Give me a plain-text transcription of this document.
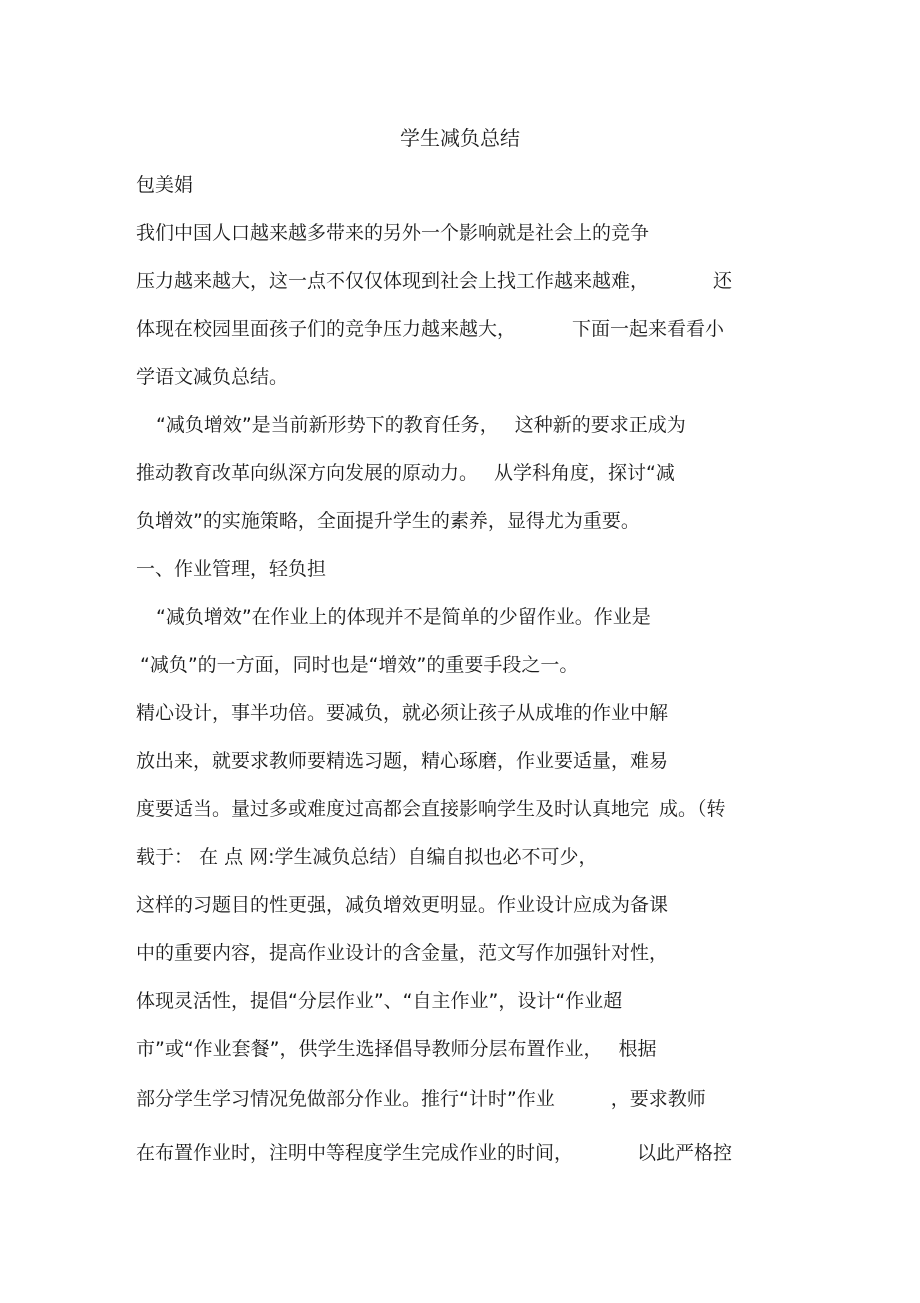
学生减负总结
包美娟
我们中国人口越来越多带来的另外一个影响就是社会上的竞争
压力越来越大，这一点不仅仅体现到社会上找工作越来越难，	还
体现在校园里面孩子们的竞争压力越来越大，	下面一起来看看小
学语文减负总结。
“减负增效”是当前新形势下的教育任务， 这种新的要求正成为
推动教育改革向纵深方向发展的原动力。 从学科角度，探讨“减
负增效”的实施策略，全面提升学生的素养，显得尤为重要。
一、作业管理，轻负担
“减负增效”在作业上的体现并不是简单的少留作业。作业是
“减负”的一方面，同时也是“增效”的重要手段之一。
精心设计，事半功倍。要减负，就必须让孩子从成堆的作业中解
放出来，就要求教师要精选习题，精心琢磨，作业要适量，难易
度要适当。量过多或难度过高都会直接影响学生及时认真地完 成。（转
载于： 在 点 网:学生减负总结）自编自拟也必不可少，
这样的习题目的性更强，减负增效更明显。作业设计应成为备课
中的重要内容，提高作业设计的含金量，范文写作加强针对性，
体现灵活性，提倡“分层作业”、“自主作业”，设计“作业超
市”或“作业套餐”，供学生选择倡导教师分层布置作业， 根据
部分学生学习情况免做部分作业。推行“计时”作业	，要求教师
在布置作业时，注明中等程度学生完成作业的时间，	以此严格控
